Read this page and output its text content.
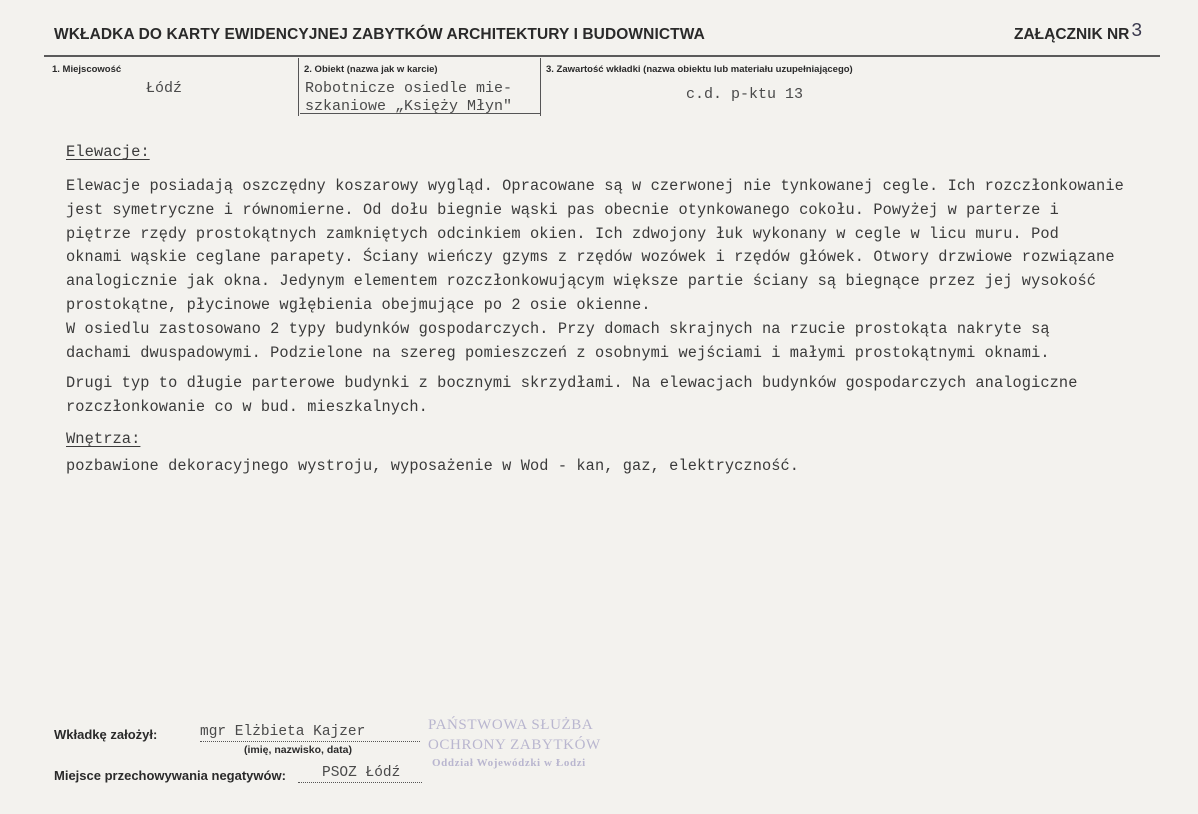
WKŁADKA DO KARTY EWIDENCYJNEJ ZABYTKÓW ARCHITEKTURY I BUDOWNICTWA	ZAŁĄCZNIK NR 3
1. Miejscowość
Łódź
2. Obiekt (nazwa jak w karcie)
Robotnicze osiedle mie-
szkaniowe „Księży Młyn"
3. Zawartość wkładki (nazwa obiektu lub materiału uzupełniającego)
c.d. p-ktu 13
Elewacje:
Elewacje posiadają oszczędny koszarowy wygląd. Opracowane są w czerwonej nie tynkowanej cegle. Ich rozczłonkowanie
jest symetryczne i równomierne. Od dołu biegnie wąski pas obecnie otynkowanego cokołu. Powyżej w parterze i
piętrze rzędy prostokątnych zamkniętych odcinkiem okien. Ich zdwojony łuk wykonany w cegle w licu muru. Pod
oknami wąskie ceglane parapety. Ściany wieńczy gzyms z rzędów wozówek i rzędów główek. Otwory drzwiowe rozwiązane
analogicznie jak okna. Jedynym elementem rozczłonkowującym większe partie ściany są biegnące przez jej wysokość
prostokątne, płycinowe wgłębienia obejmujące po 2 osie okienne.
W osiedlu zastosowano 2 typy budynków gospodarczych. Przy domach skrajnych na rzucie prostokąta nakryte są
dachami dwuspadowymi. Podzielone na szereg pomieszczeń z osobnymi wejściami i małymi prostokątnymi oknami.
Drugi typ to długie parterowe budynki z bocznymi skrzydłami. Na elewacjach budynków gospodarczych analogiczne
rozczłonkowanie co w bud. mieszkalnych.
Wnętrza:
pozbawione dekoracyjnego wystroju, wyposażenie w Wod - kan, gaz, elektryczność.
Wkładkę założył:	mgr Elżbieta Kajzer
(imię, nazwisko, data)
Miejsce przechowywania negatywów: PSOZ Łódź
PAŃSTWOWA SŁUŻBA
OCHRONY ZABYTKÓW
Oddział Wojewódzki w Łodzi
